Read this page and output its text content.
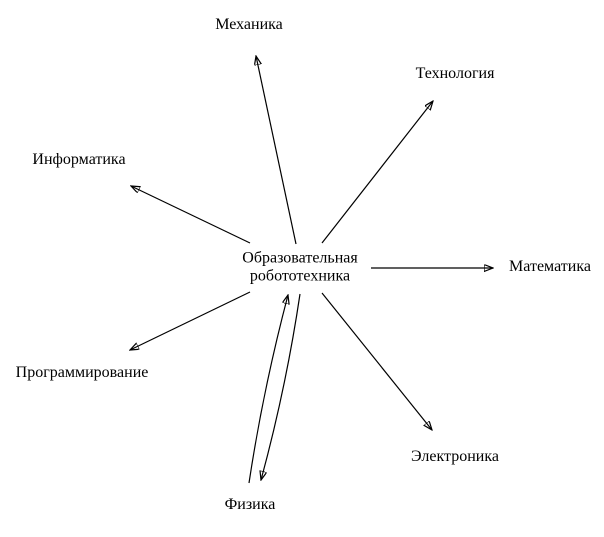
Образовательная
робототехника
Механика
Технология
Информатика
Математика
Программирование
Электроника
Физика
